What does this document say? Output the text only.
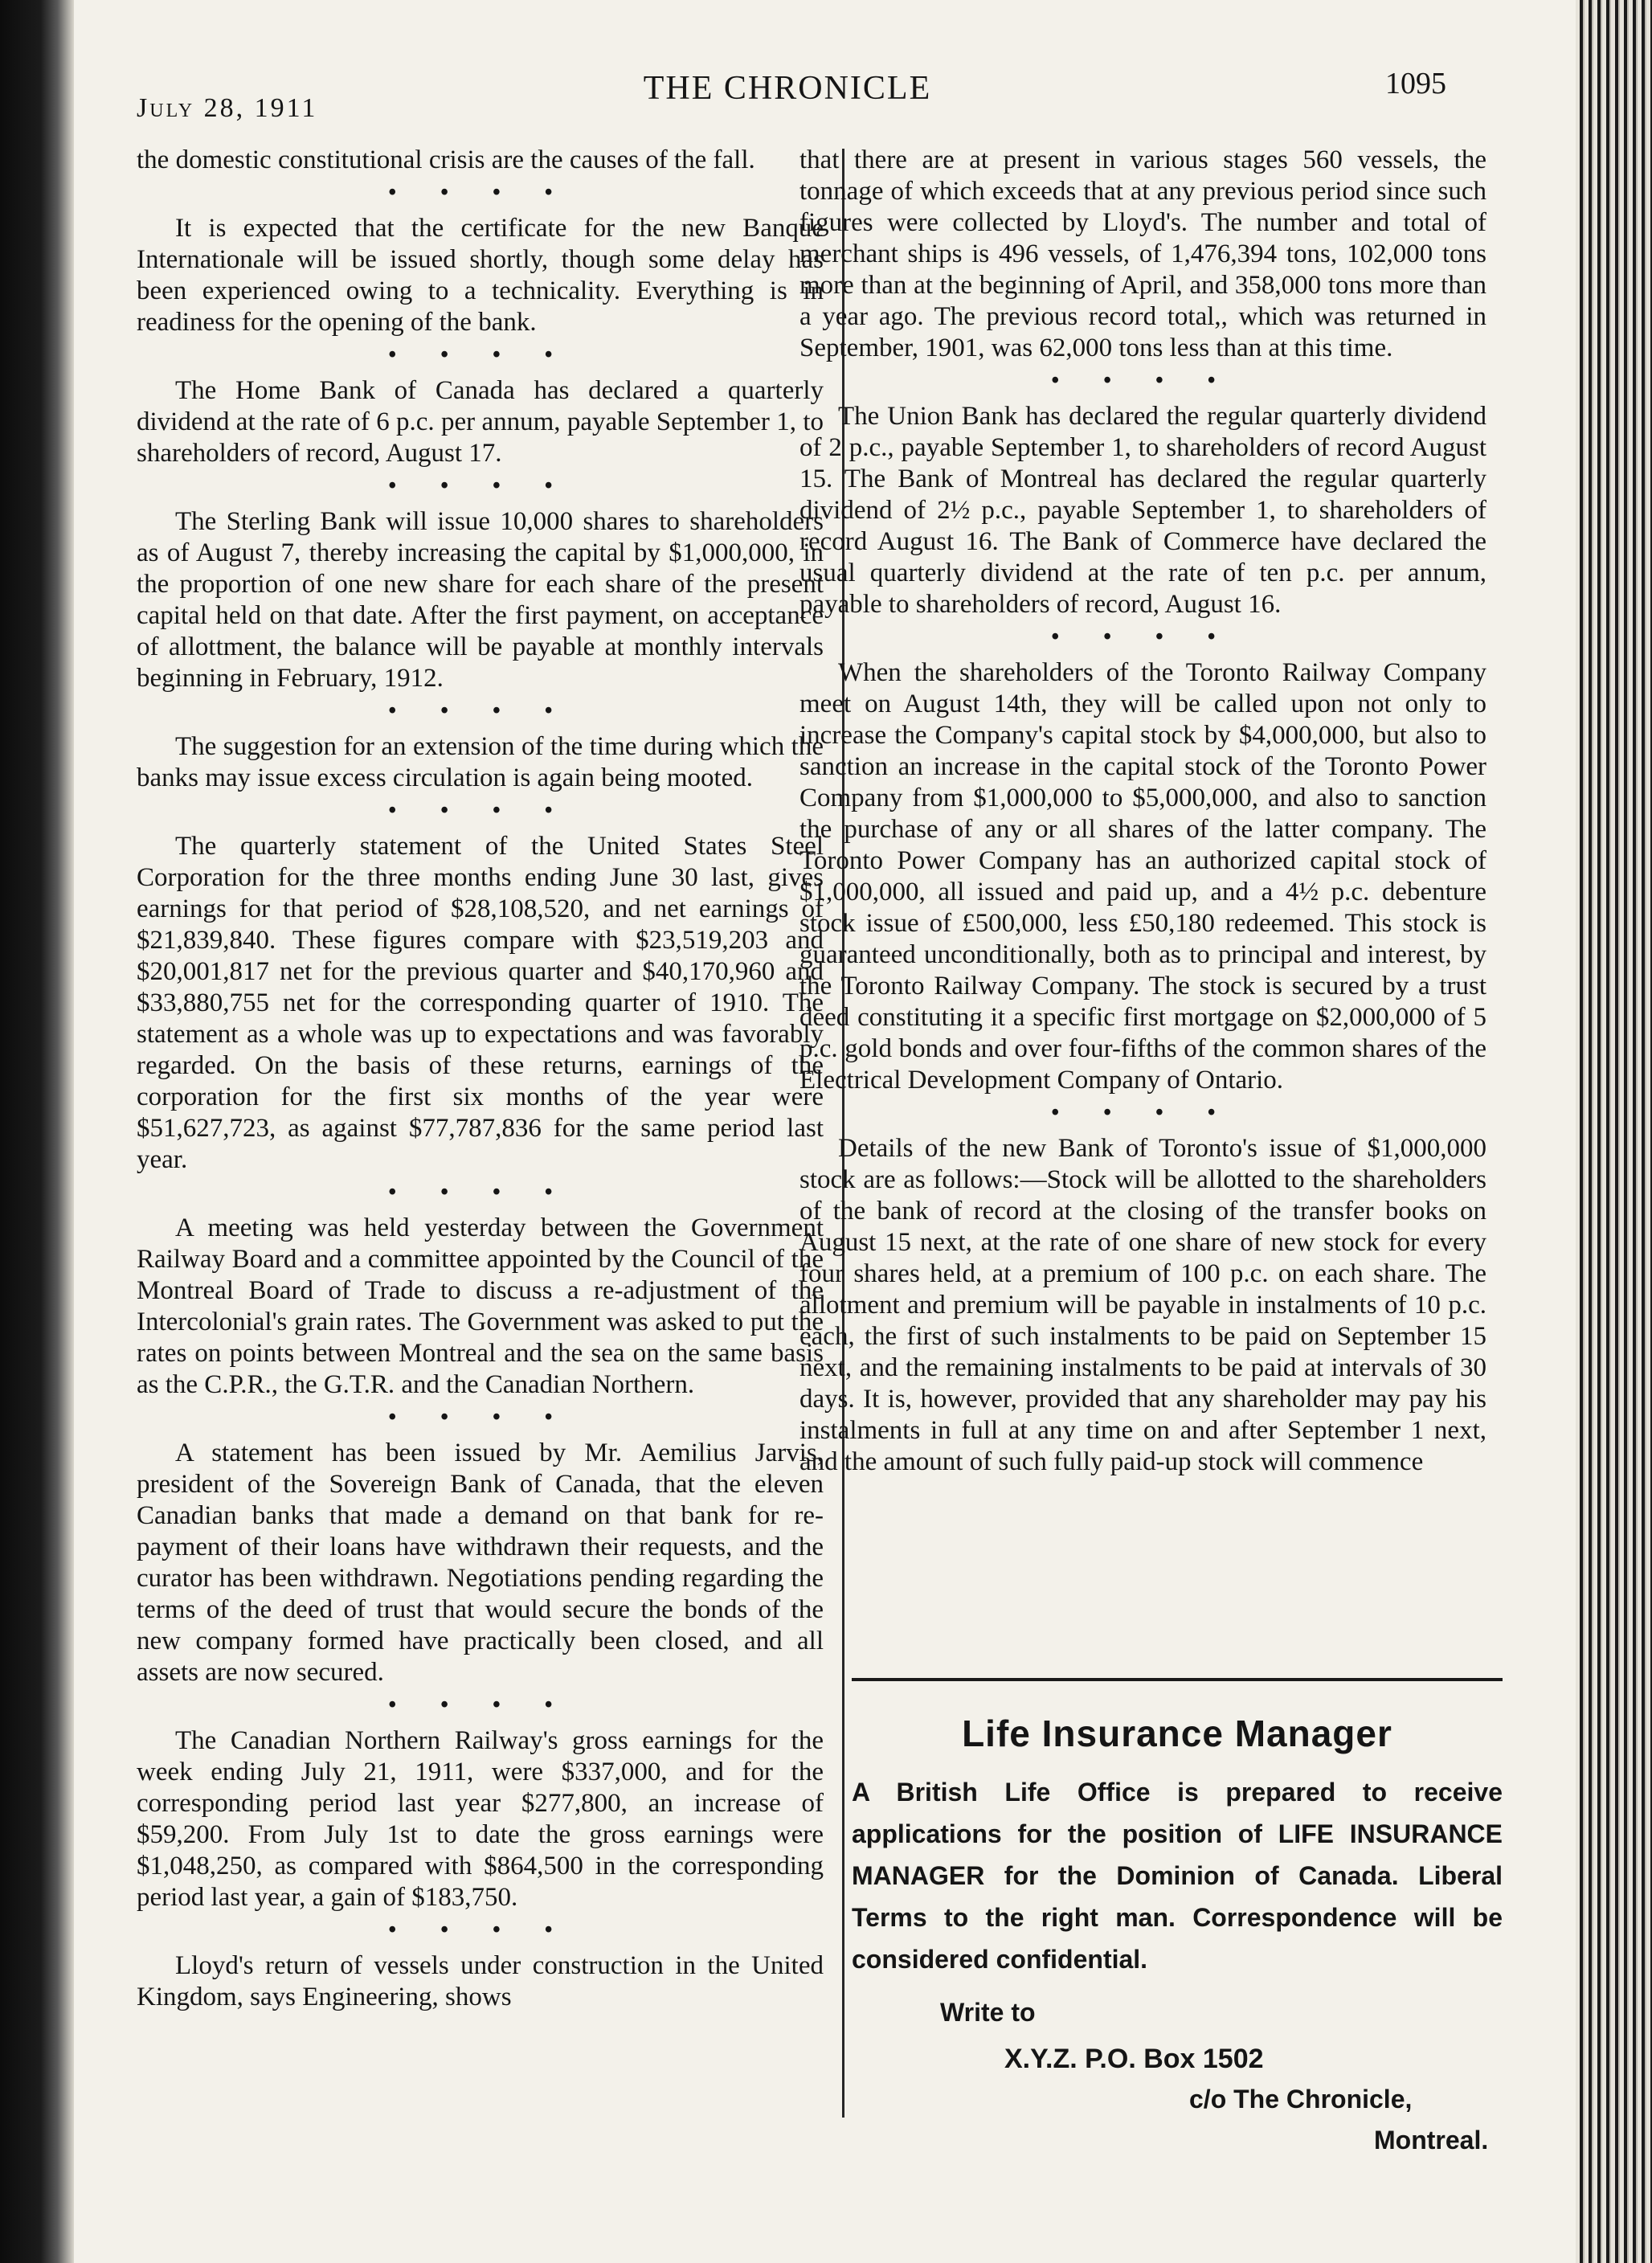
July 28, 1911
THE CHRONICLE	1095
the domestic constitutional crisis are the causes of the fall.
• • • •
It is expected that the certificate for the new Banque Internationale will be issued shortly, though some delay has been experienced owing to a technicality. Everything is in readiness for the opening of the bank.
• • • •
The Home Bank of Canada has declared a quarterly dividend at the rate of 6 p.c. per annum, payable September 1, to shareholders of record, August 17.
• • • •
The Sterling Bank will issue 10,000 shares to shareholders as of August 7, thereby increasing the capital by $1,000,000, in the proportion of one new share for each share of the present capital held on that date. After the first payment, on acceptance of allottment, the balance will be payable at monthly intervals beginning in February, 1912.
• • • •
The suggestion for an extension of the time during which the banks may issue excess circulation is again being mooted.
• • • •
The quarterly statement of the United States Steel Corporation for the three months ending June 30 last, gives earnings for that period of $28,108,520, and net earnings of $21,839,840. These figures compare with $23,519,203 and $20,001,817 net for the previous quarter and $40,170,960 and $33,880,755 net for the corresponding quarter of 1910. The statement as a whole was up to expectations and was favorably regarded. On the basis of these returns, earnings of the corporation for the first six months of the year were $51,627,723, as against $77,787,836 for the same period last year.
• • • •
A meeting was held yesterday between the Government Railway Board and a committee appointed by the Council of the Montreal Board of Trade to discuss a re-adjustment of the Intercolonial's grain rates. The Government was asked to put the rates on points between Montreal and the sea on the same basis as the C.P.R., the G.T.R. and the Canadian Northern.
• • • •
A statement has been issued by Mr. Aemilius Jarvis, president of the Sovereign Bank of Canada, that the eleven Canadian banks that made a demand on that bank for re-payment of their loans have withdrawn their requests, and the curator has been withdrawn. Negotiations pending regarding the terms of the deed of trust that would secure the bonds of the new company formed have practically been closed, and all assets are now secured.
• • • •
The Canadian Northern Railway's gross earnings for the week ending July 21, 1911, were $337,000, and for the corresponding period last year $277,800, an increase of $59,200. From July 1st to date the gross earnings were $1,048,250, as compared with $864,500 in the corresponding period last year, a gain of $183,750.
• • • •
Lloyd's return of vessels under construction in the United Kingdom, says Engineering, shows
that there are at present in various stages 560 vessels, the tonnage of which exceeds that at any previous period since such figures were collected by Lloyd's. The number and total of merchant ships is 496 vessels, of 1,476,394 tons, 102,000 tons more than at the beginning of April, and 358,000 tons more than a year ago. The previous record total,, which was returned in September, 1901, was 62,000 tons less than at this time.
• • • •
The Union Bank has declared the regular quarterly dividend of 2 p.c., payable September 1, to shareholders of record August 15. The Bank of Montreal has declared the regular quarterly dividend of 2½ p.c., payable September 1, to shareholders of record August 16. The Bank of Commerce have declared the usual quarterly dividend at the rate of ten p.c. per annum, payable to shareholders of record, August 16.
• • • •
When the shareholders of the Toronto Railway Company meet on August 14th, they will be called upon not only to increase the Company's capital stock by $4,000,000, but also to sanction an increase in the capital stock of the Toronto Power Company from $1,000,000 to $5,000,000, and also to sanction the purchase of any or all shares of the latter company. The Toronto Power Company has an authorized capital stock of $1,000,000, all issued and paid up, and a 4½ p.c. debenture stock issue of £500,000, less £50,180 redeemed. This stock is guaranteed unconditionally, both as to principal and interest, by the Toronto Railway Company. The stock is secured by a trust deed constituting it a specific first mortgage on $2,000,000 of 5 p.c. gold bonds and over four-fifths of the common shares of the Electrical Development Company of Ontario.
• • • •
Details of the new Bank of Toronto's issue of $1,000,000 stock are as follows:—Stock will be allotted to the shareholders of the bank of record at the closing of the transfer books on August 15 next, at the rate of one share of new stock for every four shares held, at a premium of 100 p.c. on each share. The allotment and premium will be payable in instalments of 10 p.c. each, the first of such instalments to be paid on September 15 next, and the remaining instalments to be paid at intervals of 30 days. It is, however, provided that any shareholder may pay his instalments in full at any time on and after September 1 next, and the amount of such fully paid-up stock will commence
Life Insurance Manager
A British Life Office is prepared to receive applications for the position of LIFE INSURANCE MANAGER for the Dominion of Canada. Liberal Terms to the right man. Correspondence will be considered confidential.
Write to
X.Y.Z. P.O. Box 1502
c/o The Chronicle,
Montreal.
